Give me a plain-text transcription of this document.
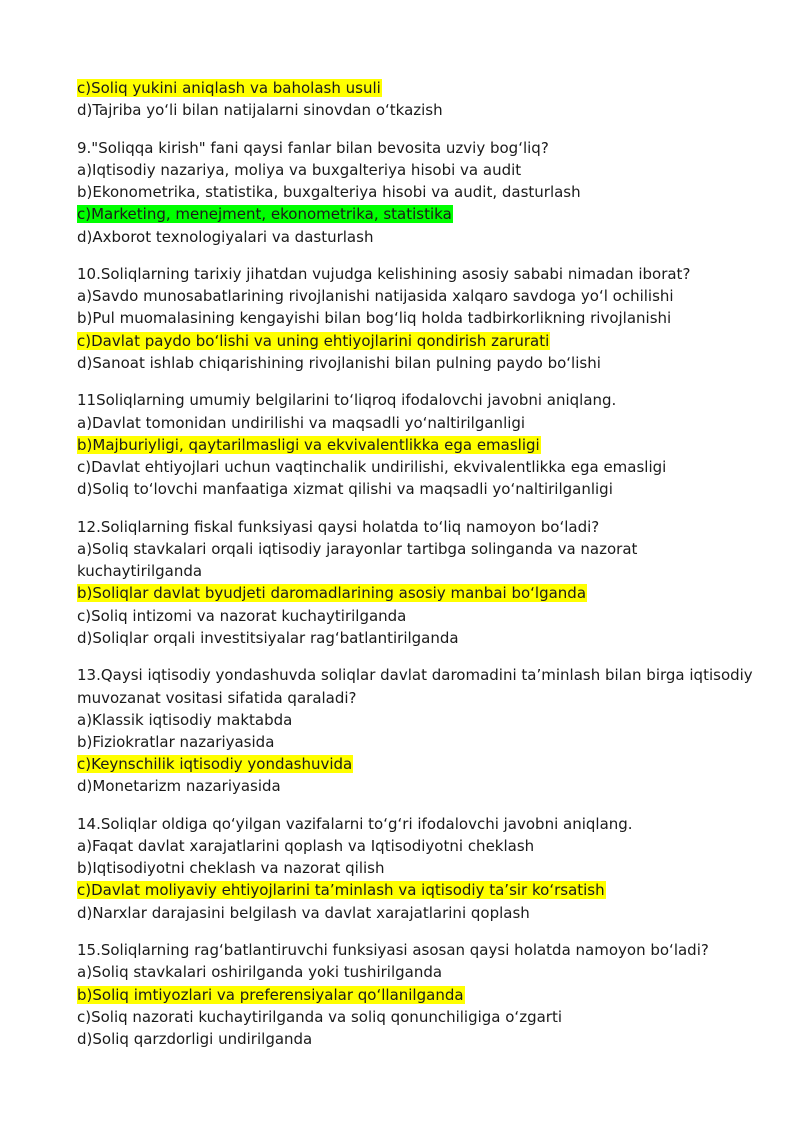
c)Soliq yukini aniqlash va baholash usuli
d)Tajriba yo‘li bilan natijalarni sinovdan o‘tkazish
9."Soliqqa kirish" fani qaysi fanlar bilan bevosita uzviy bog‘liq?
a)Iqtisodiy nazariya, moliya va buxgalteriya hisobi va audit
b)Ekonometrika, statistika, buxgalteriya hisobi va audit, dasturlash
c)Marketing, menejment, ekonometrika, statistika
d)Axborot texnologiyalari va dasturlash
10.Soliqlarning tarixiy jihatdan vujudga kelishining asosiy sababi nimadan iborat?
a)Savdo munosabatlarining rivojlanishi natijasida xalqaro savdoga yo‘l ochilishi
b)Pul muomalasining kengayishi bilan bog‘liq holda tadbirkorlikning rivojlanishi
c)Davlat paydo bo‘lishi va uning ehtiyojlarini qondirish zarurati
d)Sanoat ishlab chiqarishining rivojlanishi bilan pulning paydo bo‘lishi
11Soliqlarning umumiy belgilarini to‘liqroq ifodalovchi javobni aniqlang.
a)Davlat tomonidan undirilishi va maqsadli yo‘naltirilganligi
b)Majburiyligi, qaytarilmasligi va ekvivalentlikka ega emasligi
c)Davlat ehtiyojlari uchun vaqtinchalik undirilishi, ekvivalentlikka ega emasligi
d)Soliq to‘lovchi manfaatiga xizmat qilishi va maqsadli yo‘naltirilganligi
12.Soliqlarning fiskal funksiyasi qaysi holatda to‘liq namoyon bo‘ladi?
a)Soliq stavkalari orqali iqtisodiy jarayonlar tartibga solinganda va nazorat kuchaytirilganda
b)Soliqlar davlat byudjeti daromadlarining asosiy manbai bo‘lganda
c)Soliq intizomi va nazorat kuchaytirilganda
d)Soliqlar orqali investitsiyalar rag‘batlantirilganda
13.Qaysi iqtisodiy yondashuvda soliqlar davlat daromadini ta’minlash bilan birga iqtisodiy muvozanat vositasi sifatida qaraladi?
a)Klassik iqtisodiy maktabda
b)Fiziokratlar nazariyasida
c)Keynschilik iqtisodiy yondashuvida
d)Monetarizm nazariyasida
14.Soliqlar oldiga qo‘yilgan vazifalarni to‘g‘ri ifodalovchi javobni aniqlang.
a)Faqat davlat xarajatlarini qoplash va Iqtisodiyotni cheklash
b)Iqtisodiyotni cheklash va nazorat qilish
c)Davlat moliyaviy ehtiyojlarini ta’minlash va iqtisodiy ta’sir ko‘rsatish
d)Narxlar darajasini belgilash va davlat xarajatlarini qoplash
15.Soliqlarning rag‘batlantiruvchi funksiyasi asosan qaysi holatda namoyon bo‘ladi?
a)Soliq stavkalari oshirilganda yoki tushirilganda
b)Soliq imtiyozlari va preferensiyalar qo‘llanilganda
c)Soliq nazorati kuchaytirilganda va soliq qonunchiligiga o‘zgarti
d)Soliq qarzdorligi undirilganda
